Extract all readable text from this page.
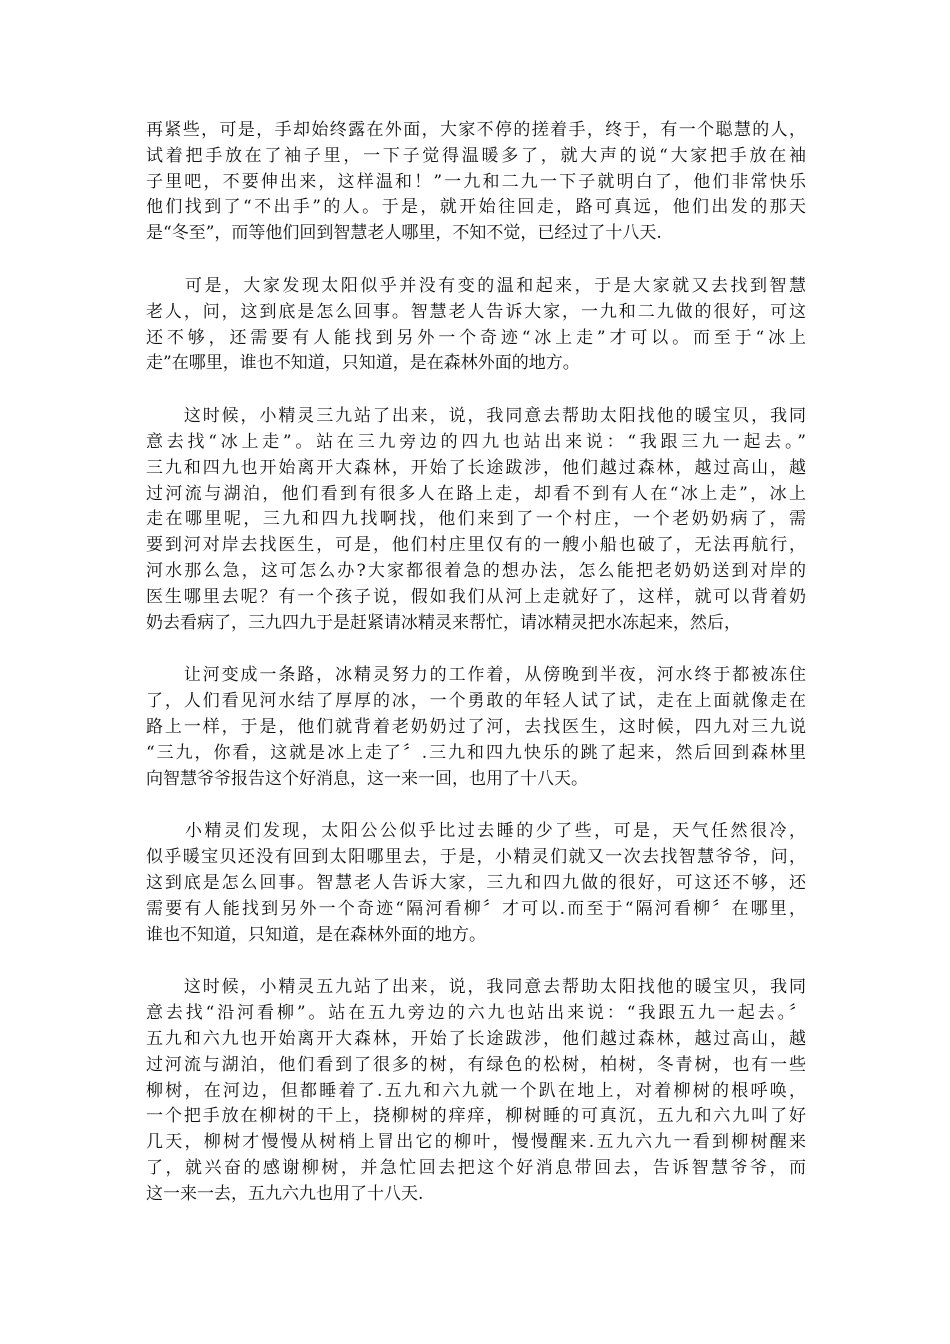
再紧些，可是，手却始终露在外面，大家不停的搓着手，终于，有一个聪慧的人，
试着把手放在了袖子里，一下子觉得温暖多了，就大声的说“大家把手放在袖
子里吧，不要伸出来，这样温和！”一九和二九一下子就明白了，他们非常快乐
他们找到了“不出手”的人。于是，就开始往回走，路可真远，他们出发的那天
是“冬至”，而等他们回到智慧老人哪里，不知不觉，已经过了十八天.

　　可是，大家发现太阳似乎并没有变的温和起来，于是大家就又去找到智慧
老人，问，这到底是怎么回事。智慧老人告诉大家，一九和二九做的很好，可这
还不够，还需要有人能找到另外一个奇迹“冰上走”才可以。而至于“冰上
走”在哪里，谁也不知道，只知道，是在森林外面的地方。

　　这时候，小精灵三九站了出来，说，我同意去帮助太阳找他的暖宝贝，我同
意去找“冰上走”。站在三九旁边的四九也站出来说：“我跟三九一起去。”
三九和四九也开始离开大森林，开始了长途跋涉，他们越过森林，越过高山，越
过河流与湖泊，他们看到有很多人在路上走，却看不到有人在“冰上走”，冰上
走在哪里呢，三九和四九找啊找，他们来到了一个村庄，一个老奶奶病了，需
要到河对岸去找医生，可是，他们村庄里仅有的一艘小船也破了，无法再航行，
河水那么急，这可怎么办?大家都很着急的想办法，怎么能把老奶奶送到对岸的
医生哪里去呢？有一个孩子说，假如我们从河上走就好了，这样，就可以背着奶
奶去看病了，三九四九于是赶紧请冰精灵来帮忙，请冰精灵把水冻起来，然后，

　　让河变成一条路，冰精灵努力的工作着，从傍晚到半夜，河水终于都被冻住
了，人们看见河水结了厚厚的冰，一个勇敢的年轻人试了试，走在上面就像走在
路上一样，于是，他们就背着老奶奶过了河，去找医生，这时候，四九对三九说
“三九，你看，这就是冰上走了〞.三九和四九快乐的跳了起来，然后回到森林里
向智慧爷爷报告这个好消息，这一来一回，也用了十八天。

　　小精灵们发现，太阳公公似乎比过去睡的少了些，可是，天气任然很冷，
似乎暖宝贝还没有回到太阳哪里去，于是，小精灵们就又一次去找智慧爷爷，问，
这到底是怎么回事。智慧老人告诉大家，三九和四九做的很好，可这还不够，还
需要有人能找到另外一个奇迹“隔河看柳〞才可以.而至于“隔河看柳〞在哪里，
谁也不知道，只知道，是在森林外面的地方。

　　这时候，小精灵五九站了出来，说，我同意去帮助太阳找他的暖宝贝，我同
意去找“沿河看柳”。站在五九旁边的六九也站出来说：“我跟五九一起去。〞
五九和六九也开始离开大森林，开始了长途跋涉，他们越过森林，越过高山，越
过河流与湖泊，他们看到了很多的树，有绿色的松树，柏树，冬青树，也有一些
柳树，在河边，但都睡着了.五九和六九就一个趴在地上，对着柳树的根呼唤，
一个把手放在柳树的干上，挠柳树的痒痒，柳树睡的可真沉，五九和六九叫了好
几天，柳树才慢慢从树梢上冒出它的柳叶，慢慢醒来.五九六九一看到柳树醒来
了，就兴奋的感谢柳树，并急忙回去把这个好消息带回去，告诉智慧爷爷，而
这一来一去，五九六九也用了十八天.
